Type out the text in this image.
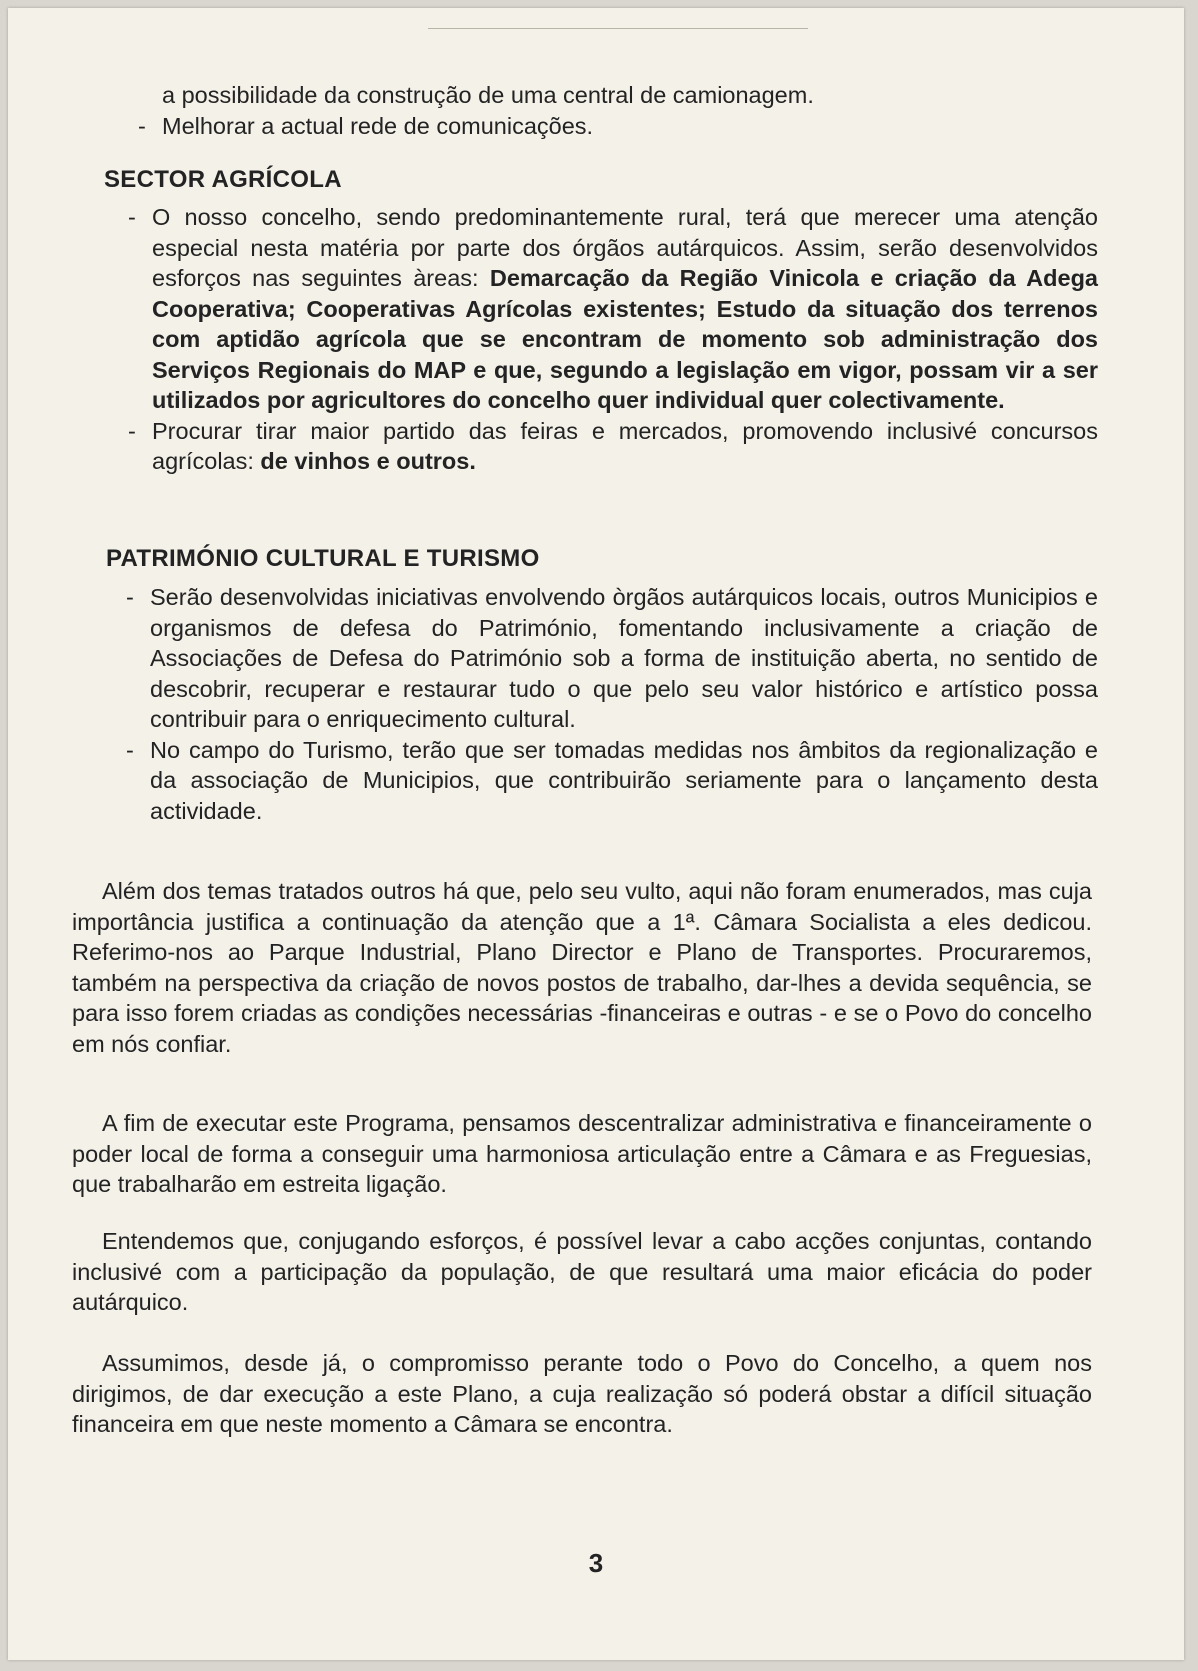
a possibilidade da construção de uma central de camionagem.
- Melhorar a actual rede de comunicações.
SECTOR AGRÍCOLA
- O nosso concelho, sendo predominantemente rural, terá que merecer uma atenção especial nesta matéria por parte dos órgãos autárquicos. Assim, serão desenvolvidos esforços nas seguintes àreas: Demarcação da Região Vinicola e criação da Adega Cooperativa; Cooperativas Agrícolas existentes; Estudo da situação dos terrenos com aptidão agrícola que se encontram de momento sob administração dos Serviços Regionais do MAP e que, segundo a legislação em vigor, possam vir a ser utilizados por agricultores do concelho quer individual quer colectivamente.
- Procurar tirar maior partido das feiras e mercados, promovendo inclusivé concursos agrícolas: de vinhos e outros.
PATRIMÓNIO CULTURAL E TURISMO
- Serão desenvolvidas iniciativas envolvendo òrgãos autárquicos locais, outros Municipios e organismos de defesa do Património, fomentando inclusivamente a criação de Associações de Defesa do Património sob a forma de instituição aberta, no sentido de descobrir, recuperar e restaurar tudo o que pelo seu valor histórico e artístico possa contribuir para o enriquecimento cultural.
- No campo do Turismo, terão que ser tomadas medidas nos âmbitos da regionalização e da associação de Municipios, que contribuirão seriamente para o lançamento desta actividade.
Além dos temas tratados outros há que, pelo seu vulto, aqui não foram enumerados, mas cuja importância justifica a continuação da atenção que a 1ª. Câmara Socialista a eles dedicou. Referimo-nos ao Parque Industrial, Plano Director e Plano de Transportes. Procuraremos, também na perspectiva da criação de novos postos de trabalho, dar-lhes a devida sequência, se para isso forem criadas as condições necessárias -financeiras e outras - e se o Povo do concelho em nós confiar.
A fim de executar este Programa, pensamos descentralizar administrativa e financeiramente o poder local de forma a conseguir uma harmoniosa articulação entre a Câmara e as Freguesias, que trabalharão em estreita ligação.
Entendemos que, conjugando esforços, é possível levar a cabo acções conjuntas, contando inclusivé com a participação da população, de que resultará uma maior eficácia do poder autárquico.
Assumimos, desde já, o compromisso perante todo o Povo do Concelho, a quem nos dirigimos, de dar execução a este Plano, a cuja realização só poderá obstar a difícil situação financeira em que neste momento a Câmara se encontra.
3
